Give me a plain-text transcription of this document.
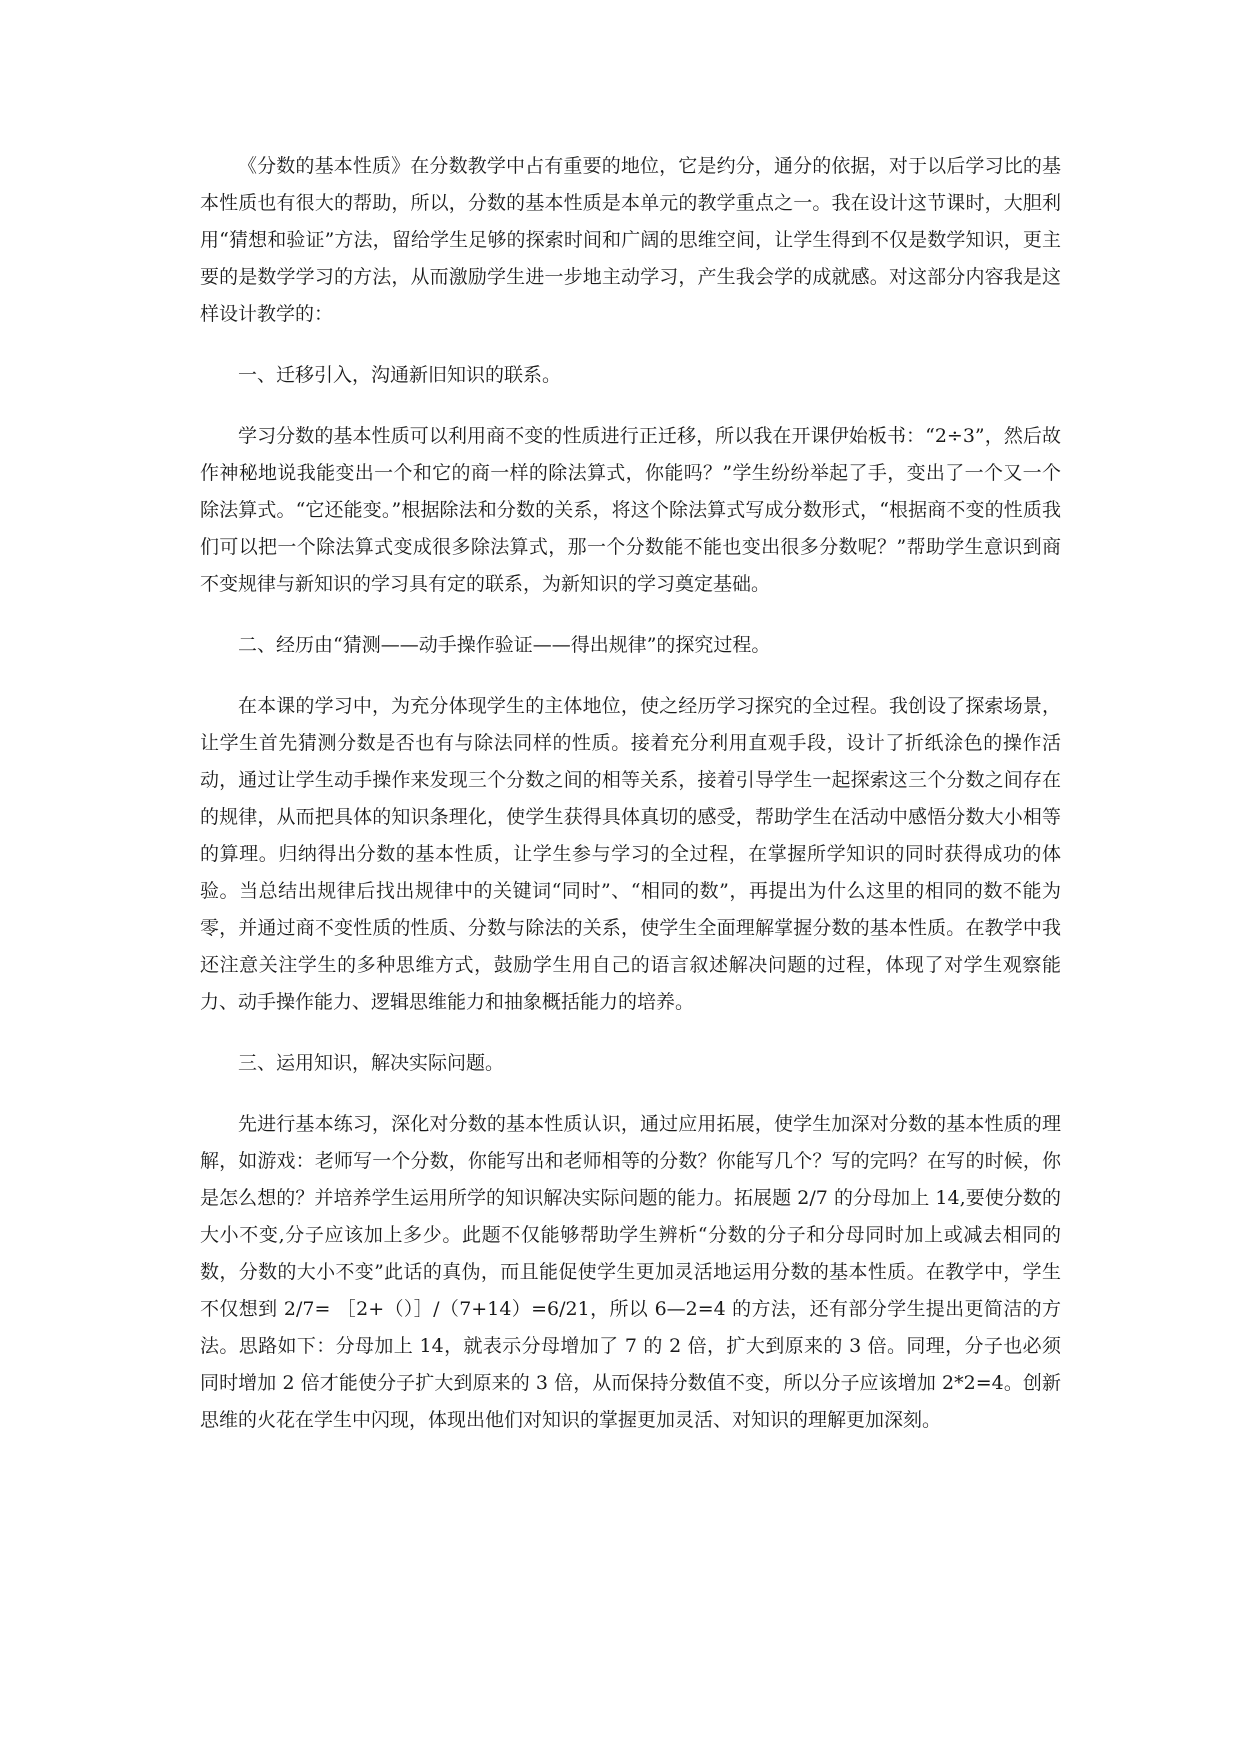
《分数的基本性质》在分数教学中占有重要的地位，它是约分，通分的依据，对于以后学习比的基本性质也有很大的帮助，所以，分数的基本性质是本单元的教学重点之一。我在设计这节课时，大胆利用“猜想和验证”方法，留给学生足够的探索时间和广阔的思维空间，让学生得到不仅是数学知识，更主要的是数学学习的方法，从而激励学生进一步地主动学习，产生我会学的成就感。对这部分内容我是这样设计教学的：

一、迁移引入，沟通新旧知识的联系。

学习分数的基本性质可以利用商不变的性质进行正迁移，所以我在开课伊始板书：“2÷3”，然后故作神秘地说我能变出一个和它的商一样的除法算式，你能吗？”学生纷纷举起了手，变出了一个又一个除法算式。“它还能变。”根据除法和分数的关系，将这个除法算式写成分数形式，“根据商不变的性质我们可以把一个除法算式变成很多除法算式，那一个分数能不能也变出很多分数呢？”帮助学生意识到商不变规律与新知识的学习具有定的联系，为新知识的学习奠定基础。

二、经历由“猜测——动手操作验证——得出规律”的探究过程。

在本课的学习中，为充分体现学生的主体地位，使之经历学习探究的全过程。我创设了探索场景，让学生首先猜测分数是否也有与除法同样的性质。接着充分利用直观手段，设计了折纸涂色的操作活动，通过让学生动手操作来发现三个分数之间的相等关系，接着引导学生一起探索这三个分数之间存在的规律，从而把具体的知识条理化，使学生获得具体真切的感受，帮助学生在活动中感悟分数大小相等的算理。归纳得出分数的基本性质，让学生参与学习的全过程，在掌握所学知识的同时获得成功的体验。当总结出规律后找出规律中的关键词“同时”、“相同的数”，再提出为什么这里的相同的数不能为零，并通过商不变性质的性质、分数与除法的关系，使学生全面理解掌握分数的基本性质。在教学中我还注意关注学生的多种思维方式，鼓励学生用自己的语言叙述解决问题的过程，体现了对学生观察能力、动手操作能力、逻辑思维能力和抽象概括能力的培养。

三、运用知识，解决实际问题。

先进行基本练习，深化对分数的基本性质认识，通过应用拓展，使学生加深对分数的基本性质的理解，如游戏：老师写一个分数，你能写出和老师相等的分数？你能写几个？写的完吗？在写的时候，你是怎么想的？并培养学生运用所学的知识解决实际问题的能力。拓展题 2/7 的分母加上 14,要使分数的大小不变,分子应该加上多少。此题不仅能够帮助学生辨析“分数的分子和分母同时加上或减去相同的数，分数的大小不变”此话的真伪，而且能促使学生更加灵活地运用分数的基本性质。在教学中，学生不仅想到 2/7= ［2+（）］/（7+14）=6/21，所以 6—2=4 的方法，还有部分学生提出更简洁的方法。思路如下：分母加上 14，就表示分母增加了 7 的 2 倍，扩大到原来的 3 倍。同理，分子也必须同时增加 2 倍才能使分子扩大到原来的 3 倍，从而保持分数值不变，所以分子应该增加 2*2=4。创新思维的火花在学生中闪现，体现出他们对知识的掌握更加灵活、对知识的理解更加深刻。
